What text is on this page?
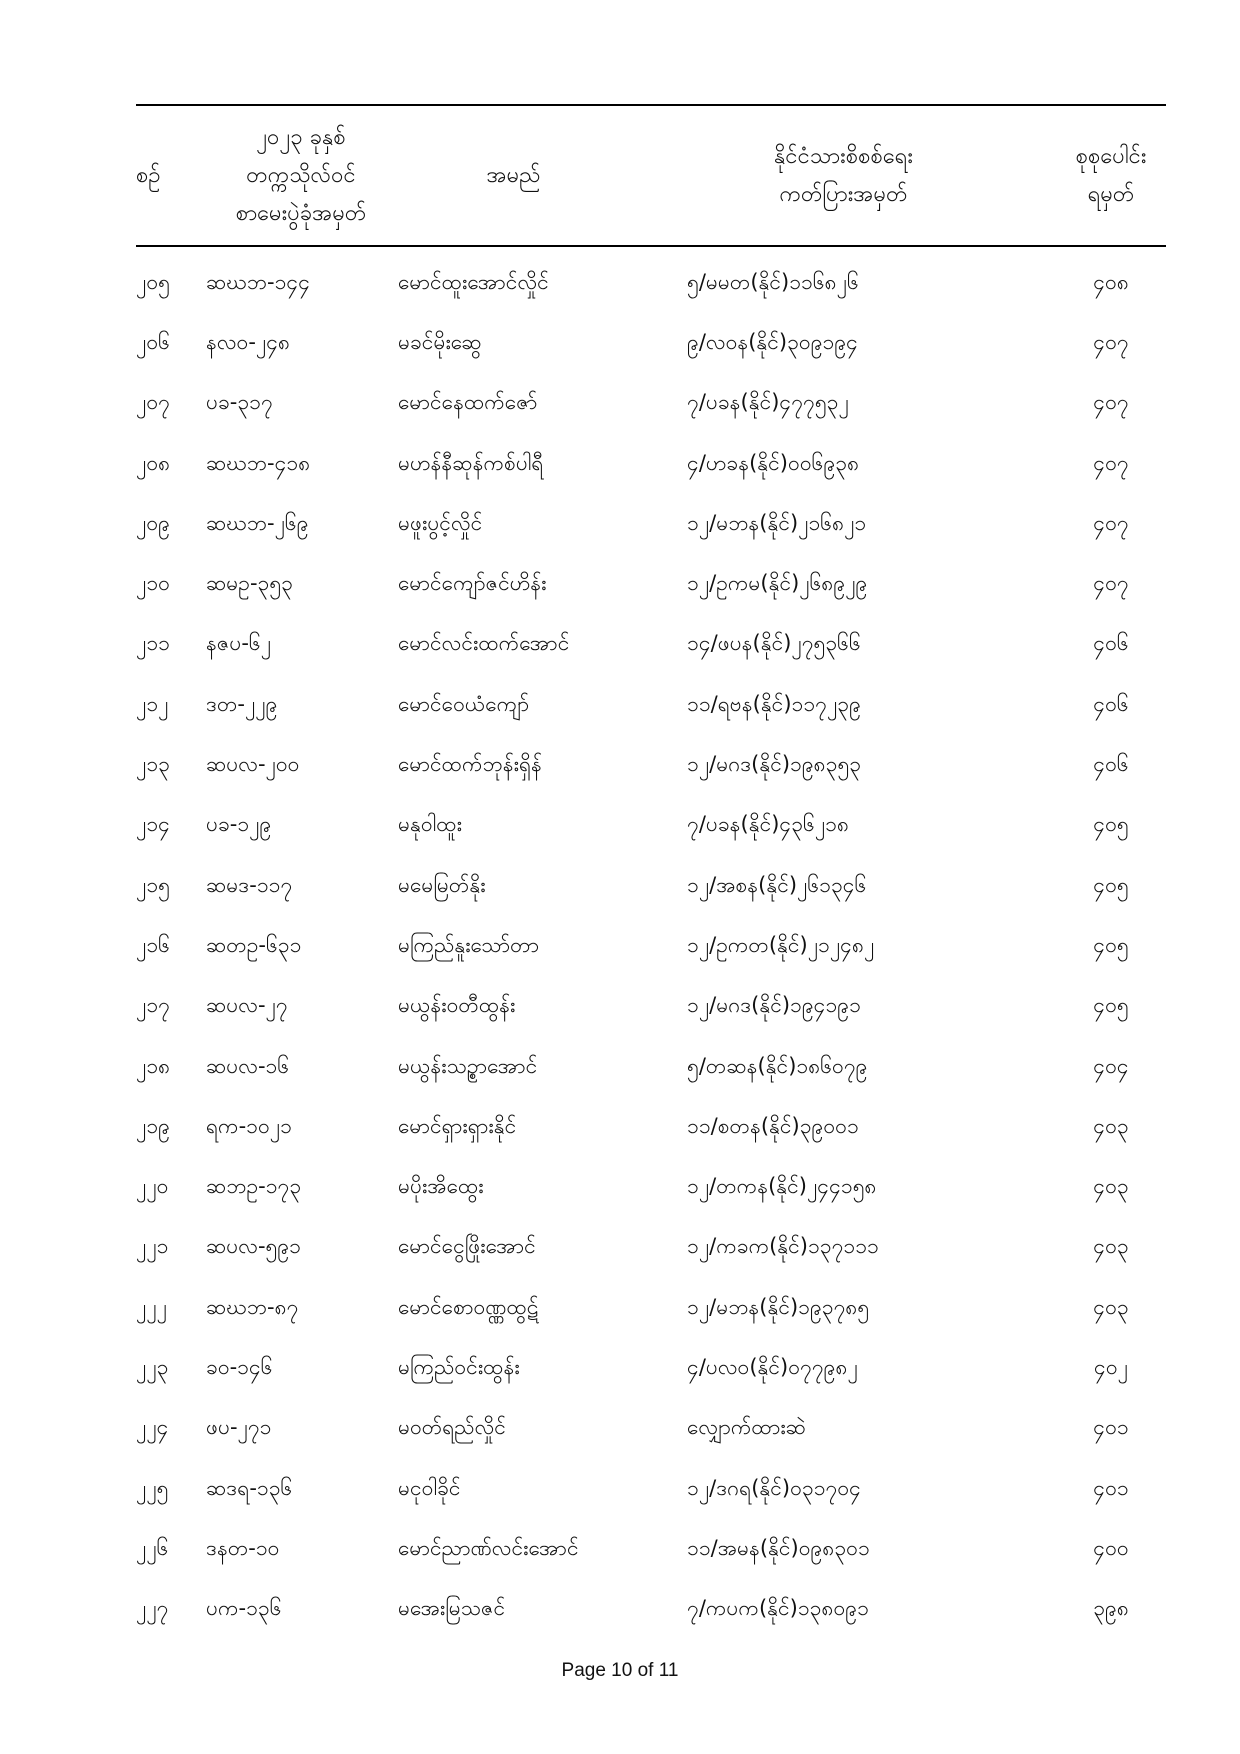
စဉ်
၂၀၂၃ ခုနှစ်
တက္ကသိုလ်ဝင်
စာမေးပွဲခုံအမှတ်
အမည်
နိုင်ငံသားစိစစ်ရေး
ကတ်ပြားအမှတ်
စုစုပေါင်း
ရမှတ်
၂၀၅	ဆဃဘ-၁၄၄	မောင်ထူးအောင်လှိုင်	၅/မမတ(နိုင်)၁၁၆၈၂၆	၄၀၈
၂၀၆	နလဝ-၂၄၈	မခင်မိုးဆွေ	၉/လဝန(နိုင်)၃၀၉၁၉၄	၄၀၇
၂၀၇	ပခ-၃၁၇	မောင်နေထက်ဇော်	၇/ပခန(နိုင်)၄၇၇၅၃၂	၄၀၇
၂၀၈	ဆဃဘ-၄၁၈	မဟန်နီဆုန်ကစ်ပါရီ	၄/ဟခန(နိုင်)၀၀၆၉၃၈	၄၀၇
၂၀၉	ဆဃဘ-၂၆၉	မဖူးပွင့်လှိုင်	၁၂/မဘန(နိုင်)၂၁၆၈၂၁	၄၀၇
၂၁၀	ဆမဥ-၃၅၃	မောင်ကျော်ဇင်ဟိန်း	၁၂/ဥကမ(နိုင်)၂၆၈၉၂၉	၄၀၇
၂၁၁	နဇပ-၆၂	မောင်လင်းထက်အောင်	၁၄/ဖပန(နိုင်)၂၇၅၃၆၆	၄၀၆
၂၁၂	ဒတ-၂၂၉	မောင်ဝေယံကျော်	၁၁/ရဗန(နိုင်)၁၁၇၂၃၉	၄၀၆
၂၁၃	ဆပလ-၂၀၀	မောင်ထက်ဘုန်းရှိန်	၁၂/မဂဒ(နိုင်)၁၉၈၃၅၃	၄၀၆
၂၁၄	ပခ-၁၂၉	မနုဝါထူး	၇/ပခန(နိုင်)၄၃၆၂၁၈	၄၀၅
၂၁၅	ဆမဒ-၁၁၇	မမေမြတ်နိုး	၁၂/အစန(နိုင်)၂၆၁၃၄၆	၄၀၅
၂၁၆	ဆတဥ-၆၃၁	မကြည်နူးသော်တာ	၁၂/ဥကတ(နိုင်)၂၁၂၄၈၂	၄၀၅
၂၁၇	ဆပလ-၂၇	မယွန်းဝတီထွန်း	၁၂/မဂဒ(နိုင်)၁၉၄၁၉၁	၄၀၅
၂၁၈	ဆပလ-၁၆	မယွန်းသဥ္စာအောင်	၅/တဆန(နိုင်)၁၈၆၀၇၉	၄၀၄
၂၁၉	ရက-၁၀၂၁	မောင်ရှားရှားနိုင်	၁၁/စတန(နိုင်)၃၉၀၀၁	၄၀၃
၂၂၀	ဆဘဥ-၁၇၃	မပိုးအိထွေး	၁၂/တကန(နိုင်)၂၄၄၁၅၈	၄၀၃
၂၂၁	ဆပလ-၅၉၁	မောင်ငွေဖြိုးအောင်	၁၂/ကခက(နိုင်)၁၃၇၁၁၁	၄၀၃
၂၂၂	ဆဃဘ-၈၇	မောင်စောဝဏ္ဏထွဋ်	၁၂/မဘန(နိုင်)၁၉၃၇၈၅	၄၀၃
၂၂၃	ခဝ-၁၄၆	မကြည်ဝင်းထွန်း	၄/ပလဝ(နိုင်)၀၇၇၉၈၂	၄၀၂
၂၂၄	ဖပ-၂၇၁	မဝတ်ရည်လှိုင်	လျှောက်ထားဆဲ	၄၀၁
၂၂၅	ဆဒရ-၁၃၆	မငုဝါခိုင်	၁၂/ဒဂရ(နိုင်)၀၃၁၇၀၄	၄၀၁
၂၂၆	ဒနတ-၁၀	မောင်ညာဏ်လင်းအောင်	၁၁/အမန(နိုင်)၀၉၈၃၀၁	၄၀၀
၂၂၇	ပက-၁၃၆	မအေးမြသဇင်	၇/ကပက(နိုင်)၁၃၈၀၉၁	၃၉၈
Page 10 of 11
